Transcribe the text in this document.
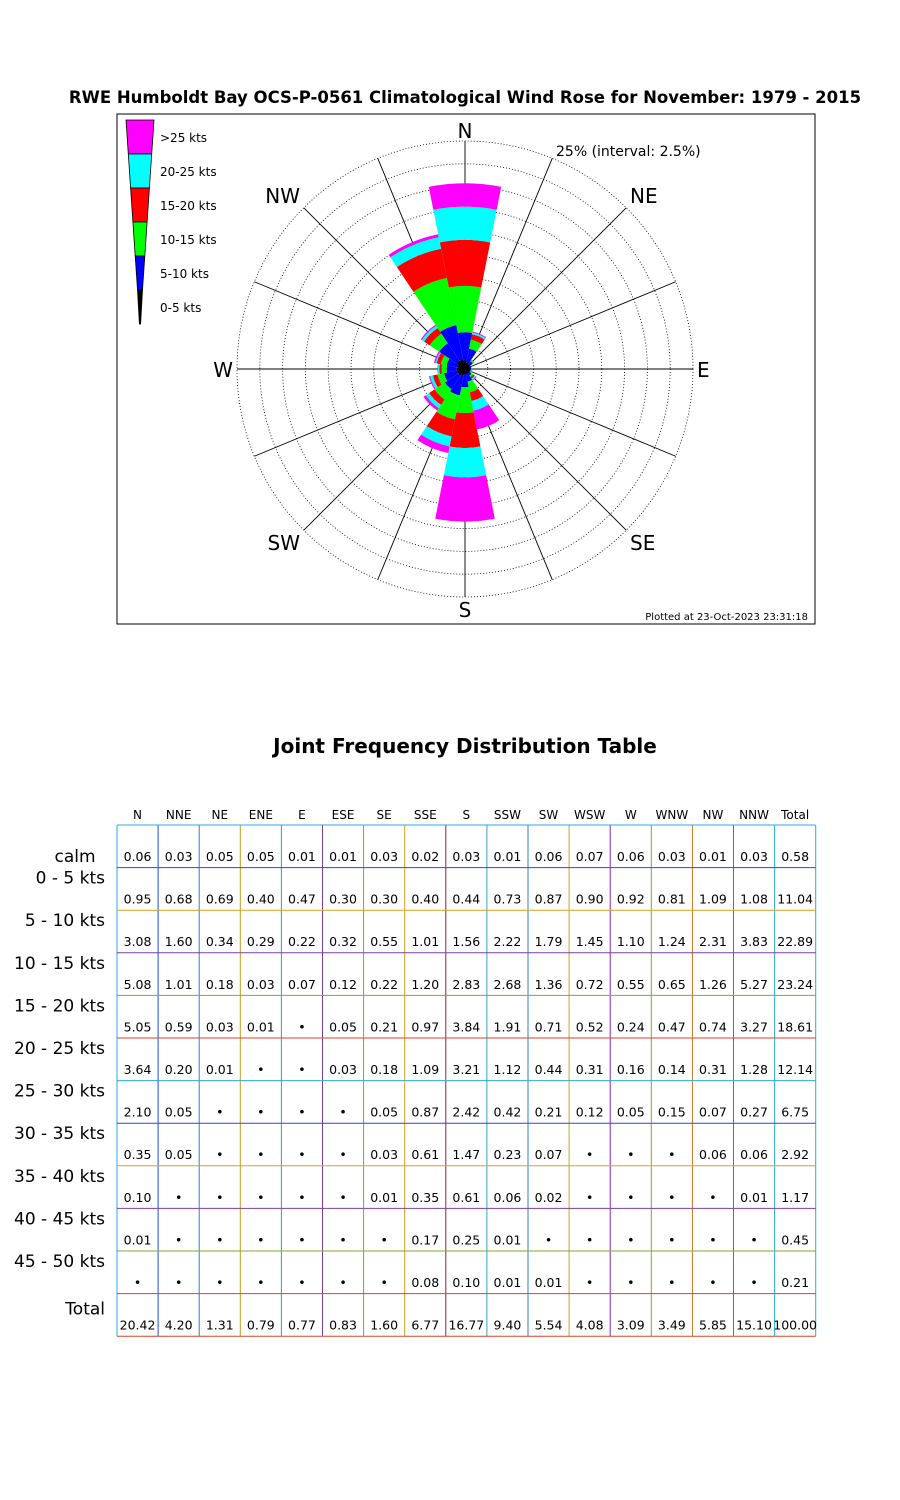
RWE Humboldt Bay OCS-P-0561 Climatological Wind Rose for November: 1979 - 2015
N
S
E
W
NE
NW
SE
SW
25% (interval: 2.5%)
Plotted at 23-Oct-2023 23:31:18
>25 kts
20-25 kts
15-20 kts
10-15 kts
5-10 kts
0-5 kts
Joint Frequency Distribution Table
N NNE NE ENE E ESE SE SSE S SSW SW WSW W WNW NW NNW Total
calm 0.06 0.03 0.05 0.05 0.01 0.01 0.03 0.02 0.03 0.01 0.06 0.07 0.06 0.03 0.01 0.03 0.58
0 - 5 kts
0.95 0.68 0.69 0.40 0.47 0.30 0.30 0.40 0.44 0.73 0.87 0.90 0.92 0.81 1.09 1.08 11.04
5 - 10 kts
3.08 1.60 0.34 0.29 0.22 0.32 0.55 1.01 1.56 2.22 1.79 1.45 1.10 1.24 2.31 3.83 22.89
10 - 15 kts
5.08 1.01 0.18 0.03 0.07 0.12 0.22 1.20 2.83 2.68 1.36 0.72 0.55 0.65 1.26 5.27 23.24
15 - 20 kts
5.05 0.59 0.03 0.01 • 0.05 0.21 0.97 3.84 1.91 0.71 0.52 0.24 0.47 0.74 3.27 18.61
20 - 25 kts
3.64 0.20 0.01 •	• 0.03 0.18 1.09 3.21 1.12 0.44 0.31 0.16 0.14 0.31 1.28 12.14
25 - 30 kts
2.10 0.05 •	•	•	• 0.05 0.87 2.42 0.42 0.21 0.12 0.05 0.15 0.07 0.27 6.75
30 - 35 kts
0.35 0.05 •	•	•	• 0.03 0.61 1.47 0.23 0.07 •	•	• 0.06 0.06 2.92
35 - 40 kts
0.10 •	•	•	•	• 0.01 0.35 0.61 0.06 0.02 •	•	•	• 0.01 1.17
40 - 45 kts
0.01 •	•	•	•	•	• 0.17 0.25 0.01 •	•	•	•	•	• 0.45
45 - 50 kts
•	•	•	•	•	•	• 0.08 0.10 0.01 0.01 •	•	•	•	• 0.21
Total
20.42 4.20 1.31 0.79 0.77 0.83 1.60 6.77 16.77 9.40 5.54 4.08 3.09 3.49 5.85 15.10 100.00
